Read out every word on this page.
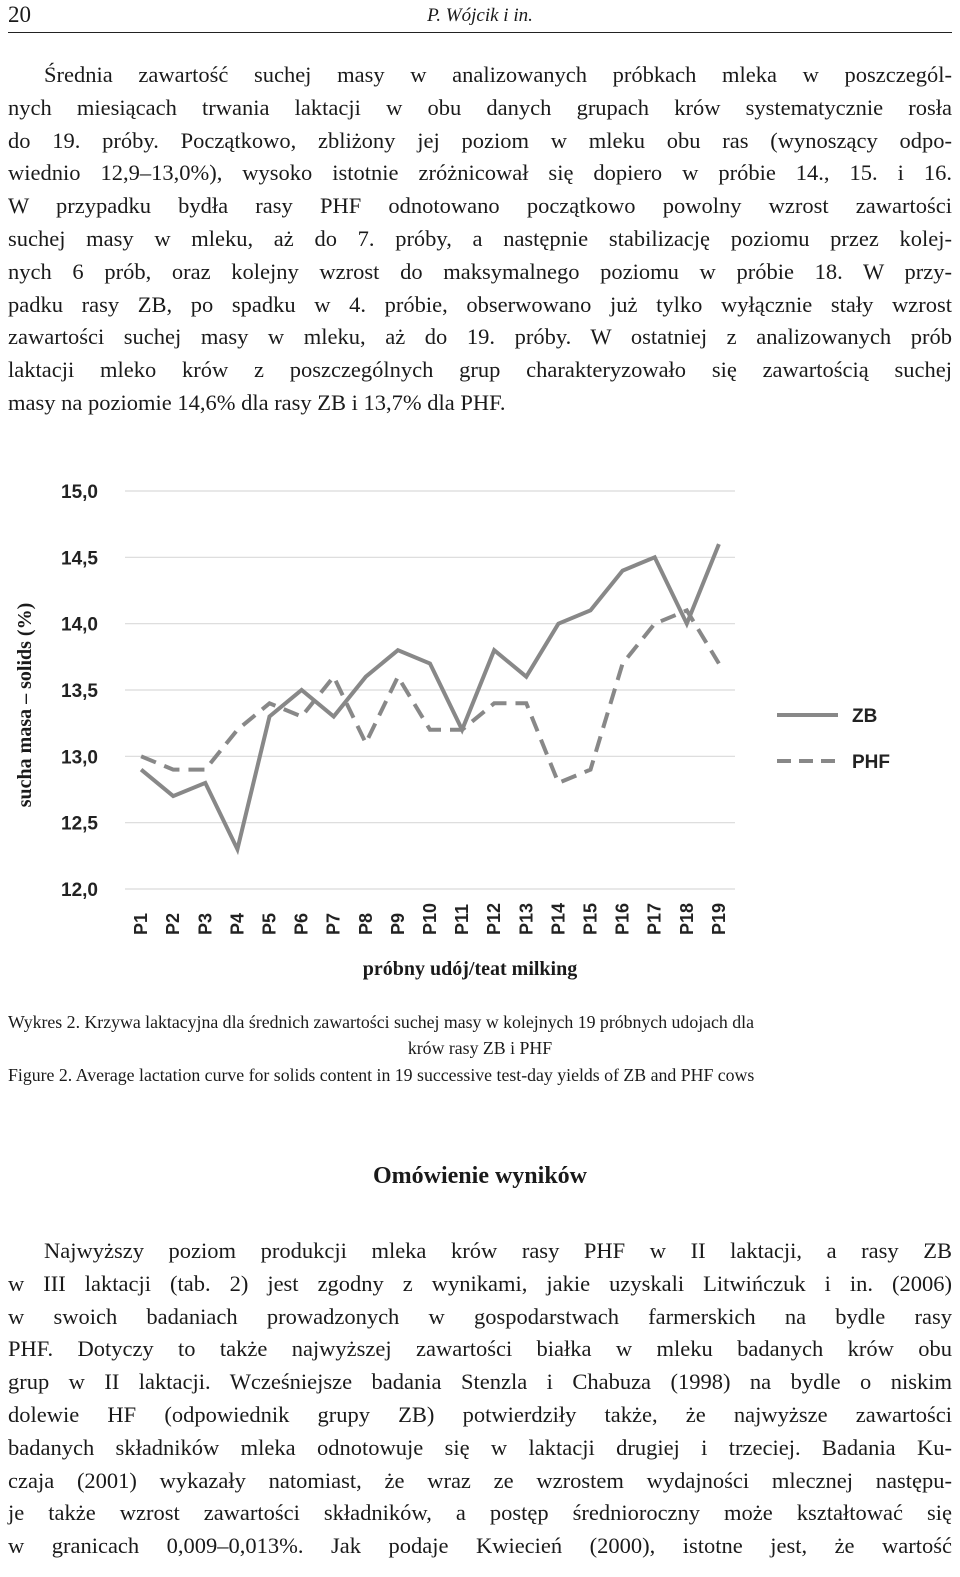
20	P. Wójcik i in.
Średnia zawartość suchej masy w analizowanych próbkach mleka w poszczegól-
nych miesiącach trwania laktacji w obu danych grupach krów systematycznie rosła
do 19. próby. Początkowo, zbliżony jej poziom w mleku obu ras (wynoszący odpo-
wiednio 12,9–13,0%), wysoko istotnie zróżnicował się dopiero w próbie 14., 15. i 16.
W przypadku bydła rasy PHF odnotowano początkowo powolny wzrost zawartości
suchej masy w mleku, aż do 7. próby, a następnie stabilizację poziomu przez kolej-
nych 6 prób, oraz kolejny wzrost do maksymalnego poziomu w próbie 18. W przy-
padku rasy ZB, po spadku w 4. próbie, obserwowano już tylko wyłącznie stały wzrost
zawartości suchej masy w mleku, aż do 19. próby. W ostatniej z analizowanych prób
laktacji mleko krów z poszczególnych grup charakteryzowało się zawartością suchej
masy na poziomie 14,6% dla rasy ZB i 13,7% dla PHF.
15,0
14,5
14,0
13,5
13,0
12,5
12,0
P1 P2 P3 P4 P5 P6 P7 P8 P9 P10 P11 P12 P13 P14 P15 P16 P17 P18 P19
ZB
PHF
sucha masa – solids (%)
próbny udój/teat milking
Wykres 2. Krzywa laktacyjna dla średnich zawartości suchej masy w kolejnych 19 próbnych udojach dla
krów rasy ZB i PHF
Figure 2. Average lactation curve for solids content in 19 successive test-day yields of ZB and PHF cows
Omówienie wyników
Najwyższy poziom produkcji mleka krów rasy PHF w II laktacji, a rasy ZB
w III laktacji (tab. 2) jest zgodny z wynikami, jakie uzyskali Litwińczuk i in. (2006)
w swoich badaniach prowadzonych w gospodarstwach farmerskich na bydle rasy
PHF. Dotyczy to także najwyższej zawartości białka w mleku badanych krów obu
grup w II laktacji. Wcześniejsze badania Stenzla i Chabuza (1998) na bydle o niskim
dolewie HF (odpowiednik grupy ZB) potwierdziły także, że najwyższe zawartości
badanych składników mleka odnotowuje się w laktacji drugiej i trzeciej. Badania Ku-
czaja (2001) wykazały natomiast, że wraz ze wzrostem wydajności mlecznej następu-
je także wzrost zawartości składników, a postęp średnioroczny może kształtować się
w granicach 0,009–0,013%. Jak podaje Kwiecień (2000), istotne jest, że wartość
